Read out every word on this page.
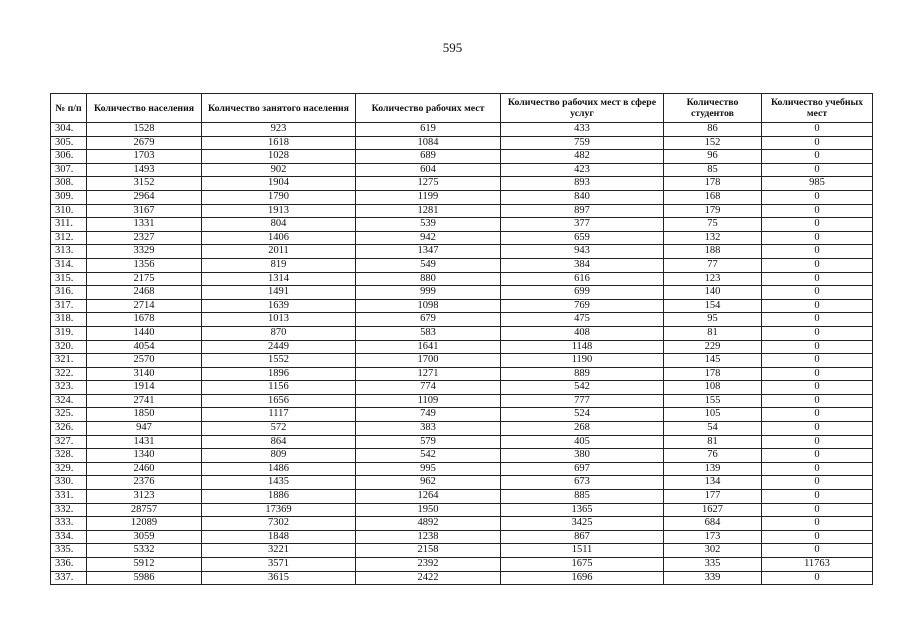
595
№ п/п	Количество населения	Количество занятого населения	Количество рабочих мест	Количество рабочих мест в сфере услуг	Количество студентов	Количество учебных мест
304.	1528	923	619	433	86	0
305.	2679	1618	1084	759	152	0
306.	1703	1028	689	482	96	0
307.	1493	902	604	423	85	0
308.	3152	1904	1275	893	178	985
309.	2964	1790	1199	840	168	0
310.	3167	1913	1281	897	179	0
311.	1331	804	539	377	75	0
312.	2327	1406	942	659	132	0
313.	3329	2011	1347	943	188	0
314.	1356	819	549	384	77	0
315.	2175	1314	880	616	123	0
316.	2468	1491	999	699	140	0
317.	2714	1639	1098	769	154	0
318.	1678	1013	679	475	95	0
319.	1440	870	583	408	81	0
320.	4054	2449	1641	1148	229	0
321.	2570	1552	1700	1190	145	0
322.	3140	1896	1271	889	178	0
323.	1914	1156	774	542	108	0
324.	2741	1656	1109	777	155	0
325.	1850	1117	749	524	105	0
326.	947	572	383	268	54	0
327.	1431	864	579	405	81	0
328.	1340	809	542	380	76	0
329.	2460	1486	995	697	139	0
330.	2376	1435	962	673	134	0
331.	3123	1886	1264	885	177	0
332.	28757	17369	1950	1365	1627	0
333.	12089	7302	4892	3425	684	0
334.	3059	1848	1238	867	173	0
335.	5332	3221	2158	1511	302	0
336.	5912	3571	2392	1675	335	11763
337.	5986	3615	2422	1696	339	0
